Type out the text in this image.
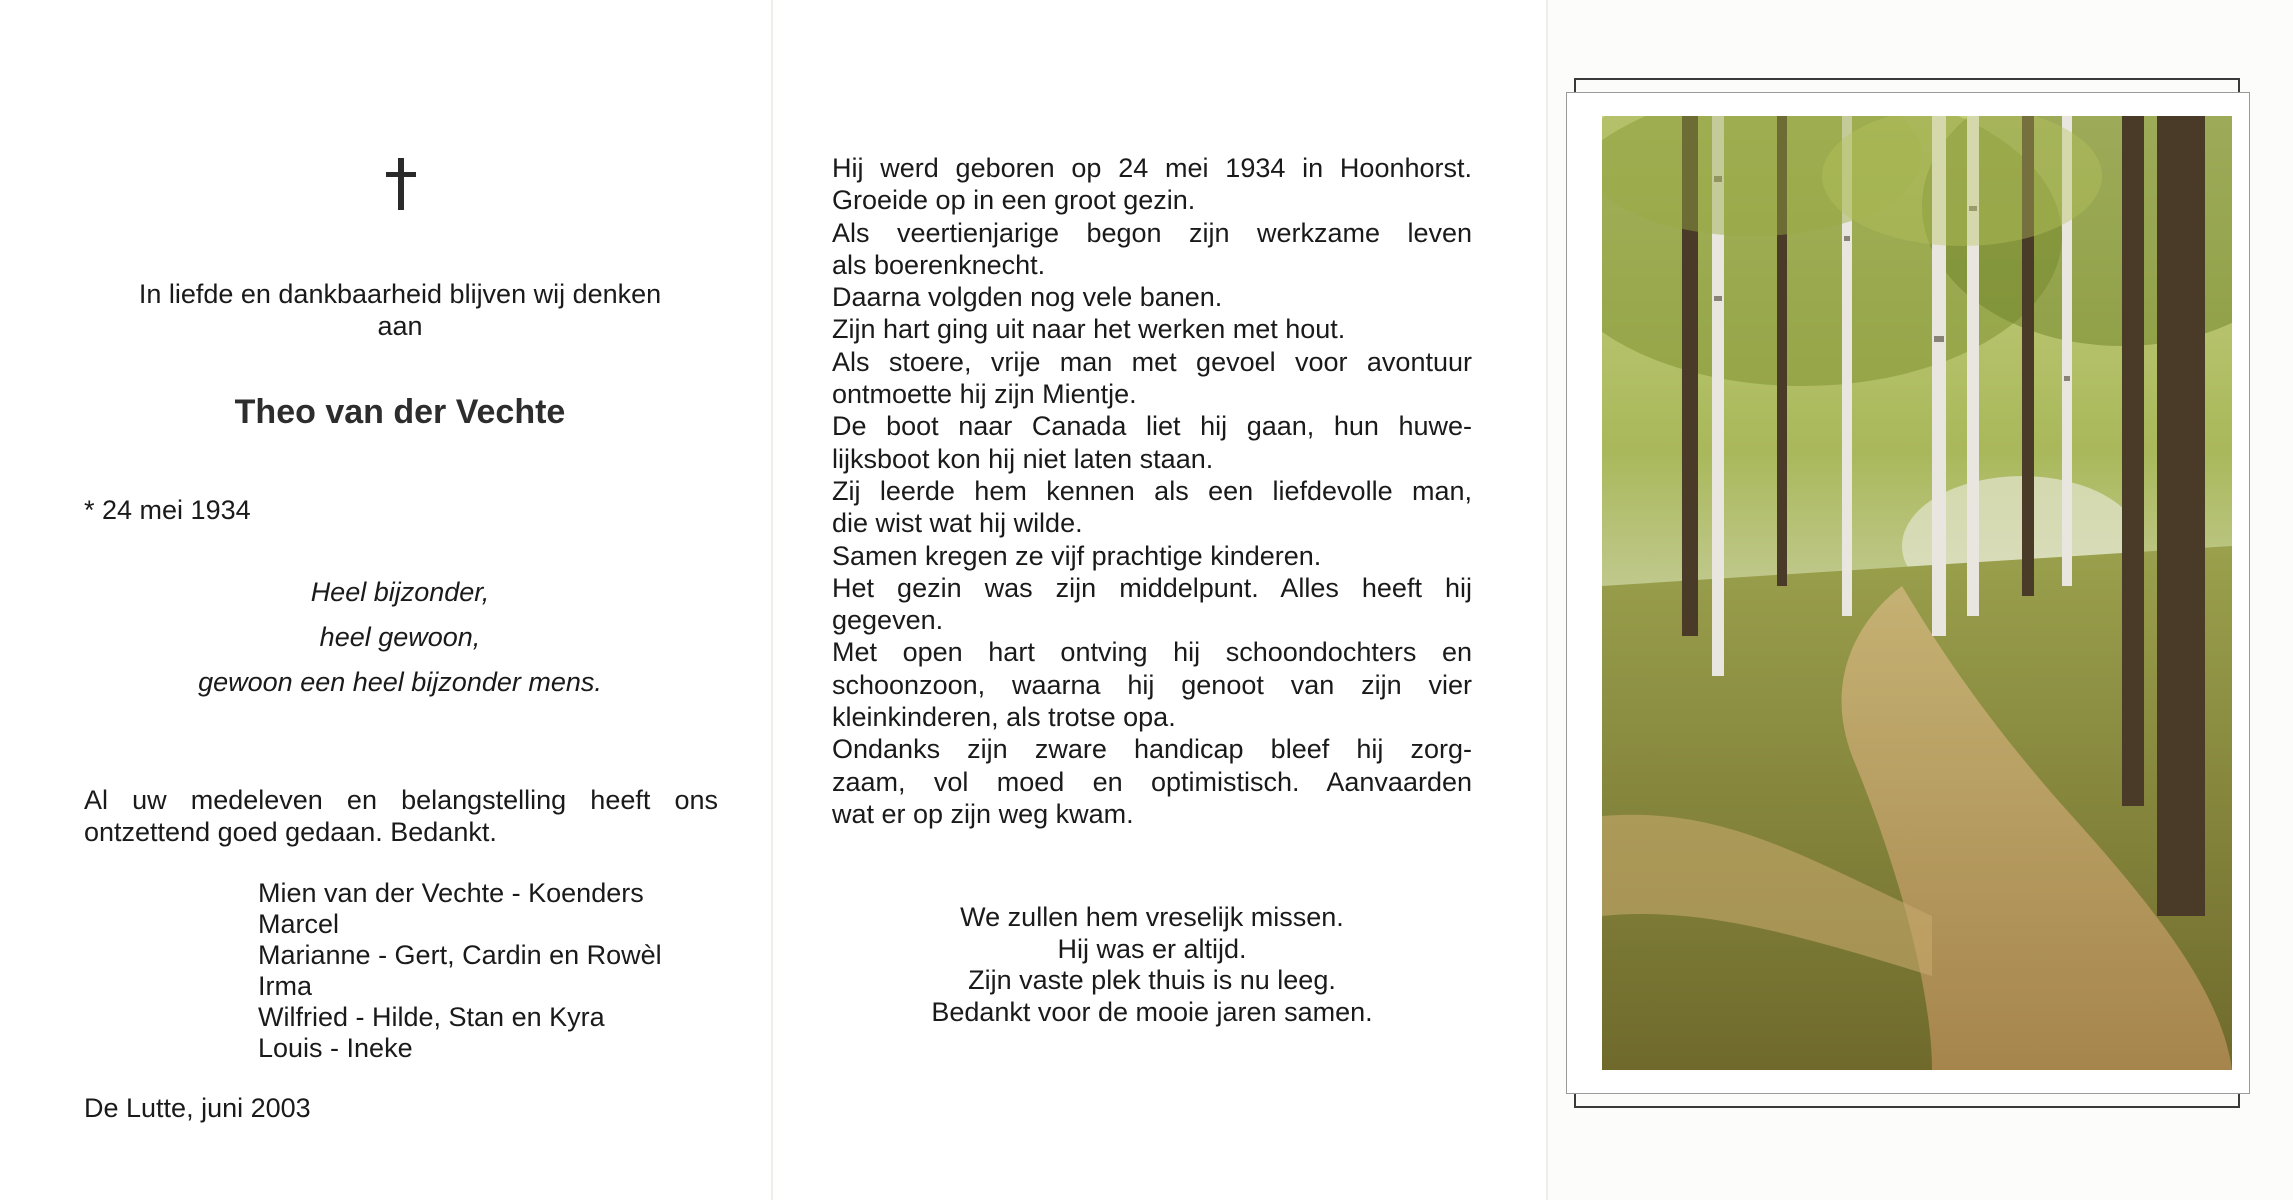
In liefde en dankbaarheid blijven wij denken
aan
Theo van der Vechte
* 24 mei 1934
Heel bijzonder,
heel gewoon,
gewoon een heel bijzonder mens.
Al uw medeleven en belangstelling heeft ons ontzettend goed gedaan. Bedankt.
Mien van der Vechte - Koenders
Marcel
Marianne - Gert, Cardin en Rowèl
Irma
Wilfried - Hilde, Stan en Kyra
Louis - Ineke
De Lutte, juni 2003
Hij werd geboren op 24 mei 1934 in Hoonhorst.
Groeide op in een groot gezin.
Als veertienjarige begon zijn werkzame leven
als boerenknecht.
Daarna volgden nog vele banen.
Zijn hart ging uit naar het werken met hout.
Als stoere, vrije man met gevoel voor avontuur
ontmoette hij zijn Mientje.
De boot naar Canada liet hij gaan, hun huwe-
lijksboot kon hij niet laten staan.
Zij leerde hem kennen als een liefdevolle man,
die wist wat hij wilde.
Samen kregen ze vijf prachtige kinderen.
Het gezin was zijn middelpunt. Alles heeft hij
gegeven.
Met open hart ontving hij schoondochters en
schoonzoon, waarna hij genoot van zijn vier
kleinkinderen, als trotse opa.
Ondanks zijn zware handicap bleef hij zorg-
zaam, vol moed en optimistisch. Aanvaarden
wat er op zijn weg kwam.
We zullen hem vreselijk missen.
Hij was er altijd.
Zijn vaste plek thuis is nu leeg.
Bedankt voor de mooie jaren samen.
